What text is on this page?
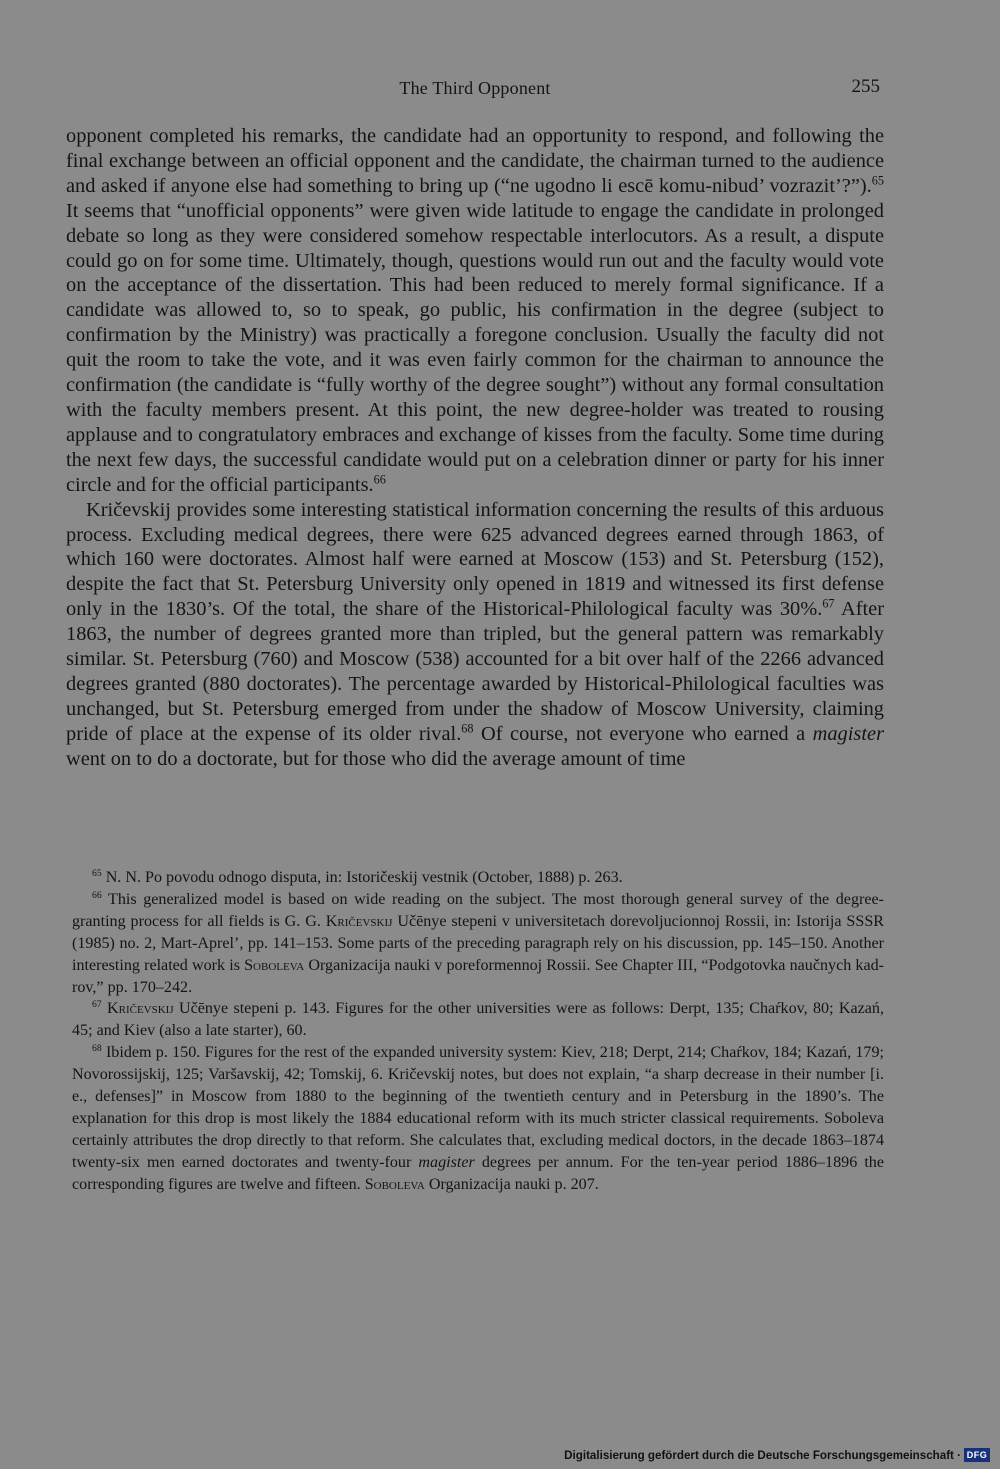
The Third Opponent	255

opponent completed his remarks, the candidate had an opportunity to respond, and following the final exchange between an official opponent and the candidate, the chairman turned to the audience and asked if anyone else had something to bring up (“ne ugodno li escē komu-nibud’ vozrazit’?”).$^{65}$ It seems that “unofficial opponents” were given wide latitude to engage the candidate in prolonged debate so long as they were considered somehow respectable interlocutors. As a result, a dispute could go on for some time. Ultimately, though, questions would run out and the faculty would vote on the acceptance of the dissertation. This had been reduced to merely formal significance. If a candidate was allowed to, so to speak, go public, his confirmation in the degree (subject to confirmation by the Ministry) was practically a foregone conclusion. Usually the faculty did not quit the room to take the vote, and it was even fairly common for the chairman to announce the confirmation (the candidate is “fully worthy of the degree sought”) without any formal consultation with the faculty members present. At this point, the new degree-holder was treated to rousing applause and to congratulatory embraces and exchange of kisses from the faculty. Some time during the next few days, the successful candidate would put on a celebration dinner or party for his inner circle and for the official participants.$^{66}$

Kričevskij provides some interesting statistical information concerning the results of this arduous process. Excluding medical degrees, there were 625 advanced degrees earned through 1863, of which 160 were doctorates. Almost half were earned at Moscow (153) and St. Petersburg (152), despite the fact that St. Petersburg University only opened in 1819 and witnessed its first defense only in the 1830’s. Of the total, the share of the Historical-Philological faculty was 30%.$^{67}$ After 1863, the number of degrees granted more than tripled, but the general pattern was remarkably similar. St. Petersburg (760) and Moscow (538) accounted for a bit over half of the 2266 advanced degrees granted (880 doctorates). The percentage awarded by Historical-Philological faculties was unchanged, but St. Petersburg emerged from under the shadow of Moscow University, claiming pride of place at the expense of its older rival.$^{68}$ Of course, not everyone who earned a magister went on to do a doctorate, but for those who did the average amount of time

$^{65}$ N. N. Po povodu odnogo disputa, in: Istoričeskij vestnik (October, 1888) p. 263.

$^{66}$ This generalized model is based on wide reading on the subject. The most thorough general survey of the degree-granting process for all fields is G. G. Kričevskij Učēnye stepeni v universitetach dorevoljucionnoj Rossii, in: Istorija SSSR (1985) no. 2, Mart-Aprel’, pp. 141–153. Some parts of the preceding paragraph rely on his discussion, pp. 145–150. Another interesting related work is Soboleva Organizacija nauki v poreformennoj Rossii. See Chapter III, “Podgotovka naučnych kadrov,” pp. 170–242.

$^{67}$ Kričevskij Učēnye stepeni p. 143. Figures for the other universities were as follows: Derpt, 135; Chaŕkov, 80; Kazań, 45; and Kiev (also a late starter), 60.

$^{68}$ Ibidem p. 150. Figures for the rest of the expanded university system: Kiev, 218; Derpt, 214; Chaŕkov, 184; Kazań, 179; Novorossijskij, 125; Varšavskij, 42; Tomskij, 6. Kričevskij notes, but does not explain, “a sharp decrease in their number [i. e., defenses]” in Moscow from 1880 to the beginning of the twentieth century and in Petersburg in the 1890’s. The explanation for this drop is most likely the 1884 educational reform with its much stricter classical requirements. Soboleva certainly attributes the drop directly to that reform. She calculates that, excluding medical doctors, in the decade 1863–1874 twenty-six men earned doctorates and twenty-four magister degrees per annum. For the ten-year period 1886–1896 the corresponding figures are twelve and fifteen. Soboleva Organizacija nauki p. 207.

Digitalisierung gefördert durch die Deutsche Forschungsgemeinschaft · DFG
